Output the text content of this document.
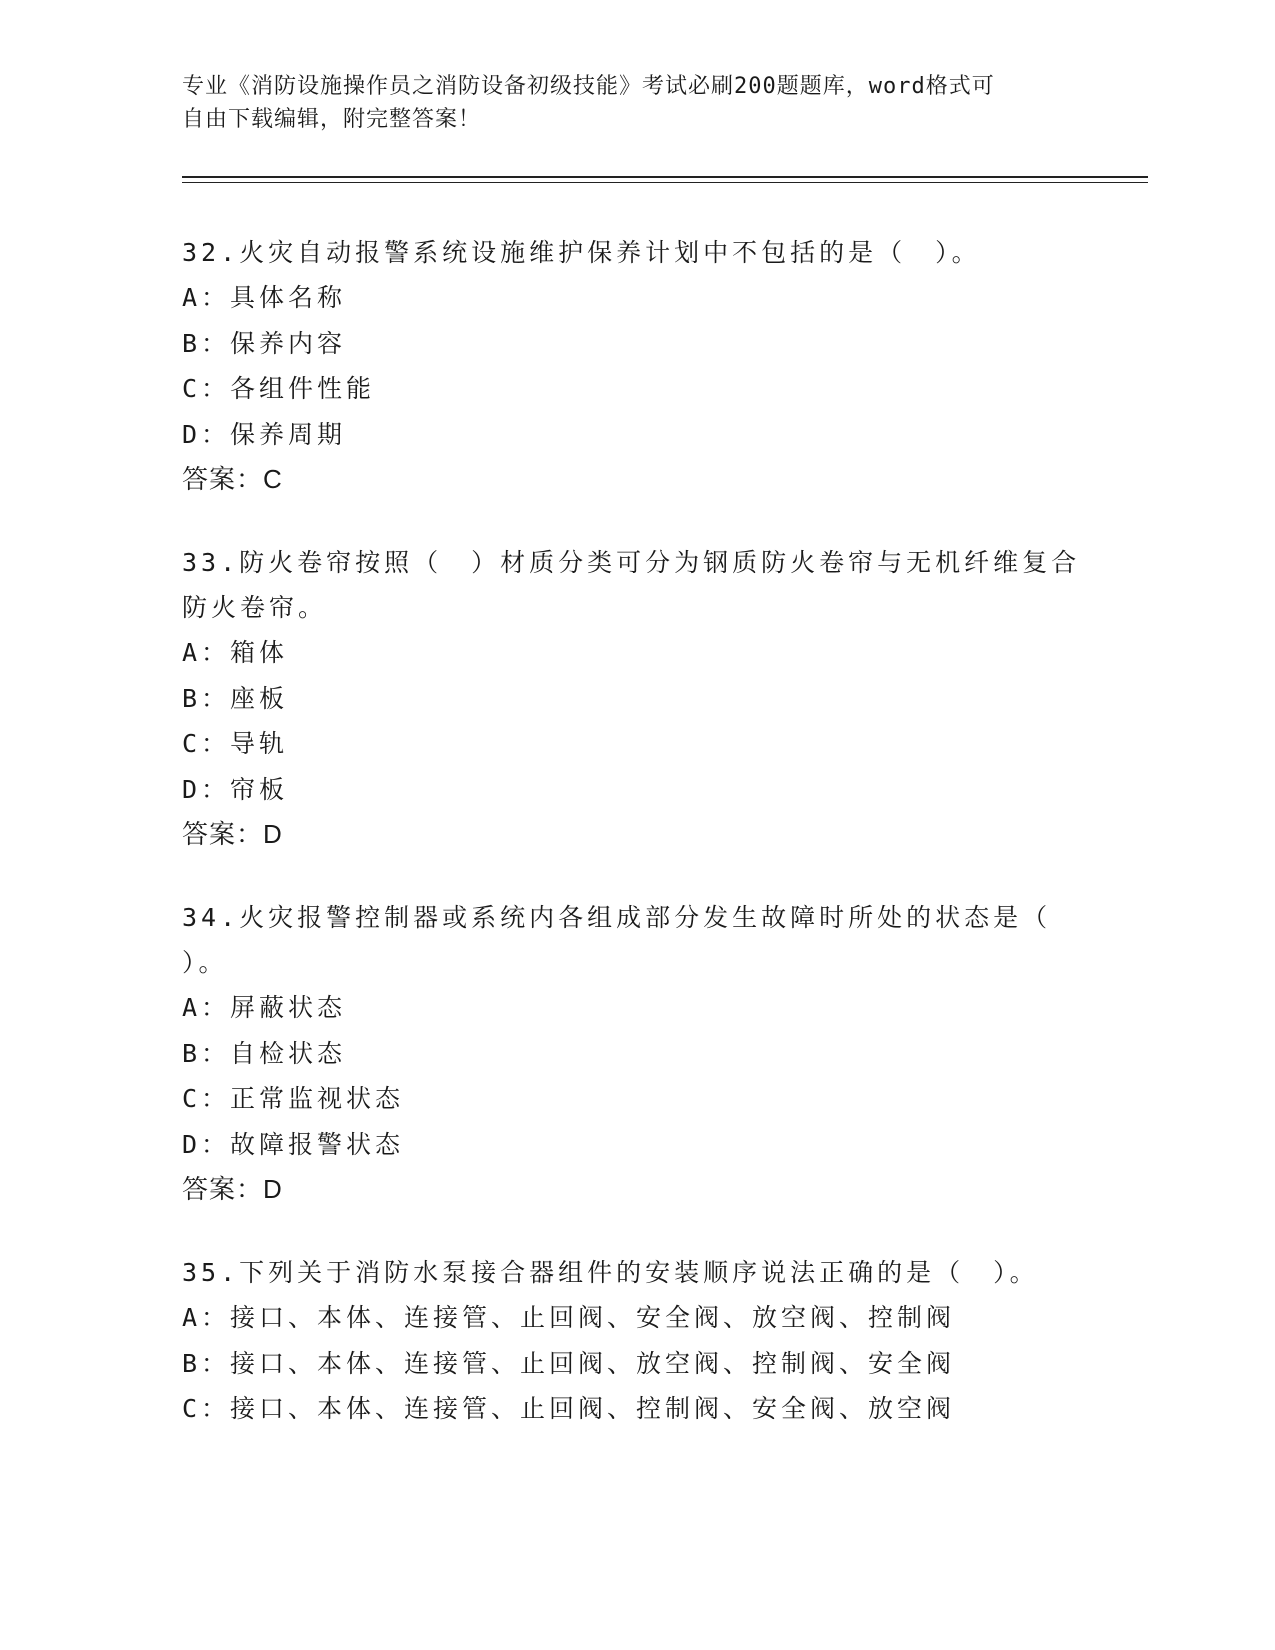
专业《消防设施操作员之消防设备初级技能》考试必刷200题题库，word格式可
自由下载编辑，附完整答案！
32.火灾自动报警系统设施维护保养计划中不包括的是（　）。
A：具体名称
B：保养内容
C：各组件性能
D：保养周期
答案：C
33.防火卷帘按照（　）材质分类可分为钢质防火卷帘与无机纤维复合
防火卷帘。
A：箱体
B：座板
C：导轨
D：帘板
答案：D
34.火灾报警控制器或系统内各组成部分发生故障时所处的状态是（
）。
A：屏蔽状态
B：自检状态
C：正常监视状态
D：故障报警状态
答案：D
35.下列关于消防水泵接合器组件的安装顺序说法正确的是（　）。
A：接口、本体、连接管、止回阀、安全阀、放空阀、控制阀
B：接口、本体、连接管、止回阀、放空阀、控制阀、安全阀
C：接口、本体、连接管、止回阀、控制阀、安全阀、放空阀
